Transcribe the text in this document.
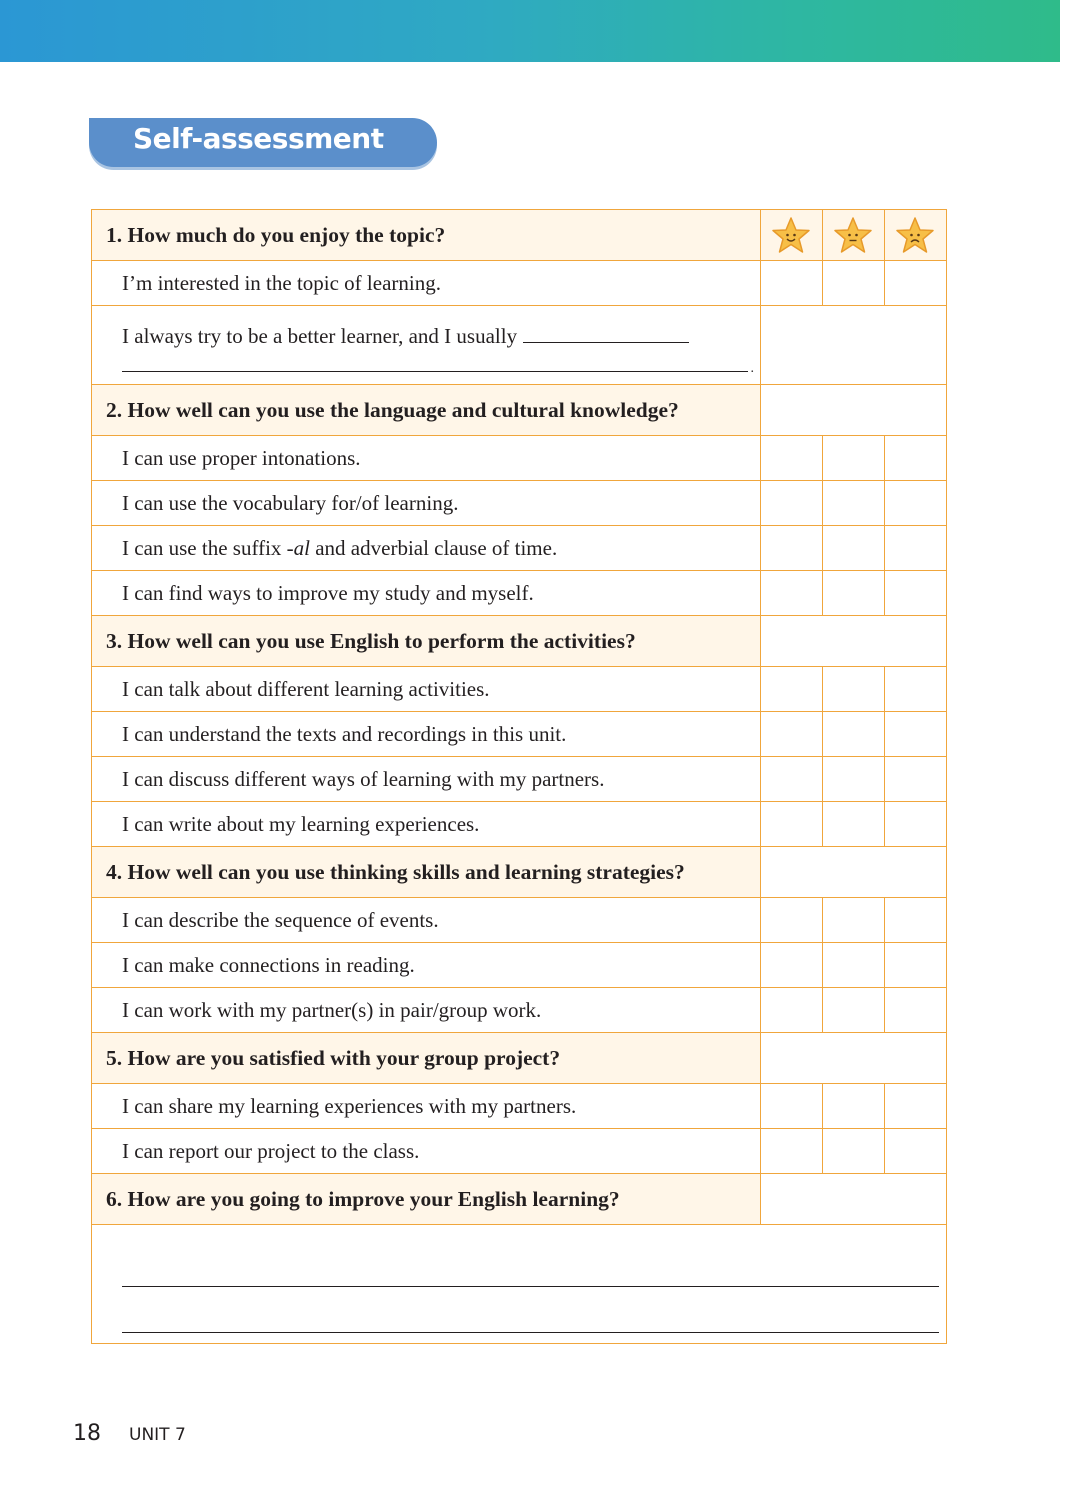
Self-assessment
1. How much do you enjoy the topic?	

I’m interested in the topic of learning.			

I always try to be a better learner, and I usually
.			

2. How well can you use the language and cultural knowledge?			
I can use proper intonations.			
I can use the vocabulary for/of learning.			
I can use the suffix -al and adverbial clause of time.			
I can find ways to improve my study and myself.			
3. How well can you use English to perform the activities?			
I can talk about different learning activities.			
I can understand the texts and recordings in this unit.			
I can discuss different ways of learning with my partners.			
I can write about my learning experiences.			
4. How well can you use thinking skills and learning strategies?			
I can describe the sequence of events.			
I can make connections in reading.			
I can work with my partner(s) in pair/group work.			
5. How are you satisfied with your group project?			
I can share my learning experiences with my partners.			
I can report our project to the class.			
6. How are you going to improve your English learning?			

18 UNIT 7
